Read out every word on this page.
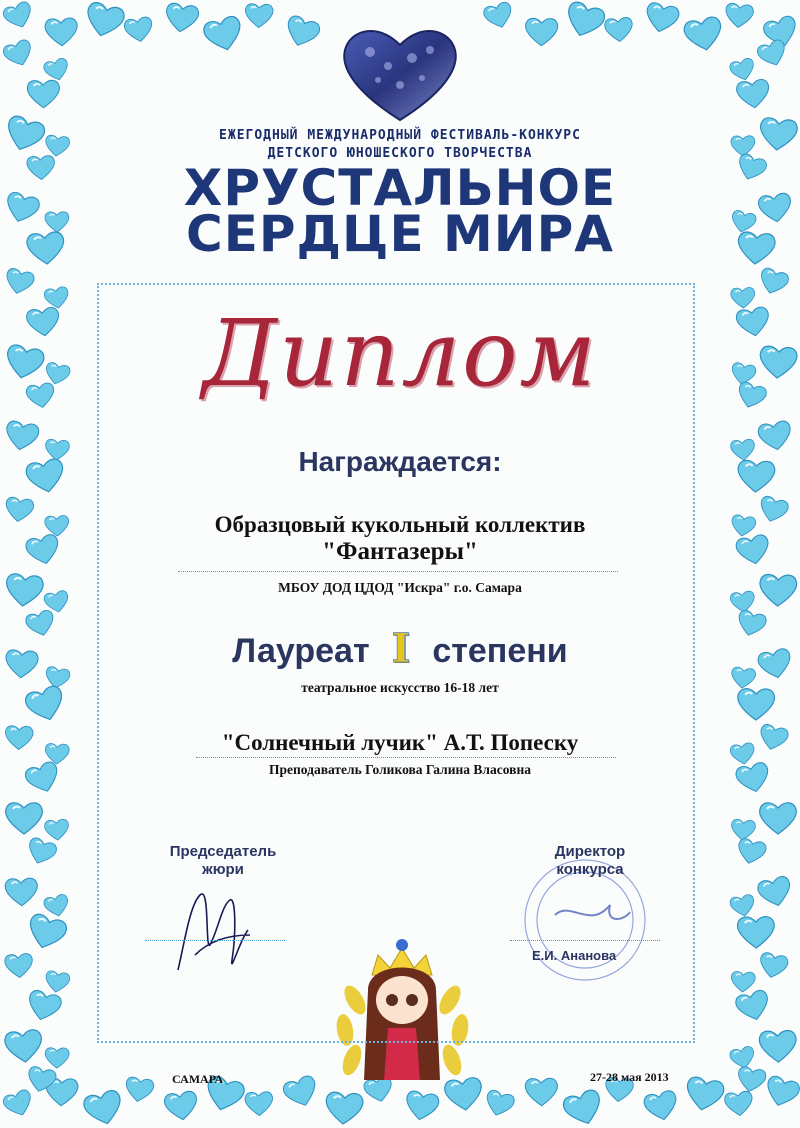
ЕЖЕГОДНЫЙ МЕЖДУНАРОДНЫЙ ФЕСТИВАЛЬ-КОНКУРС
ДЕТСКОГО ЮНОШЕСКОГО ТВОРЧЕСТВА
ХРУСТАЛЬНОЕ
СЕРДЦЕ МИРА
Диплом
Награждается:
Образцовый кукольный коллектив
"Фантазеры"
МБОУ ДОД ЦДОД "Искра" г.о. Самара
Лауреат I степени
театральное искусство 16-18 лет
"Солнечный лучик" А.Т. Попеску
Преподаватель Голикова Галина Власовна
Председатель
жюри
Директор
конкурса
Е.И. Ананова
САМАРА	27-28 мая 2013
